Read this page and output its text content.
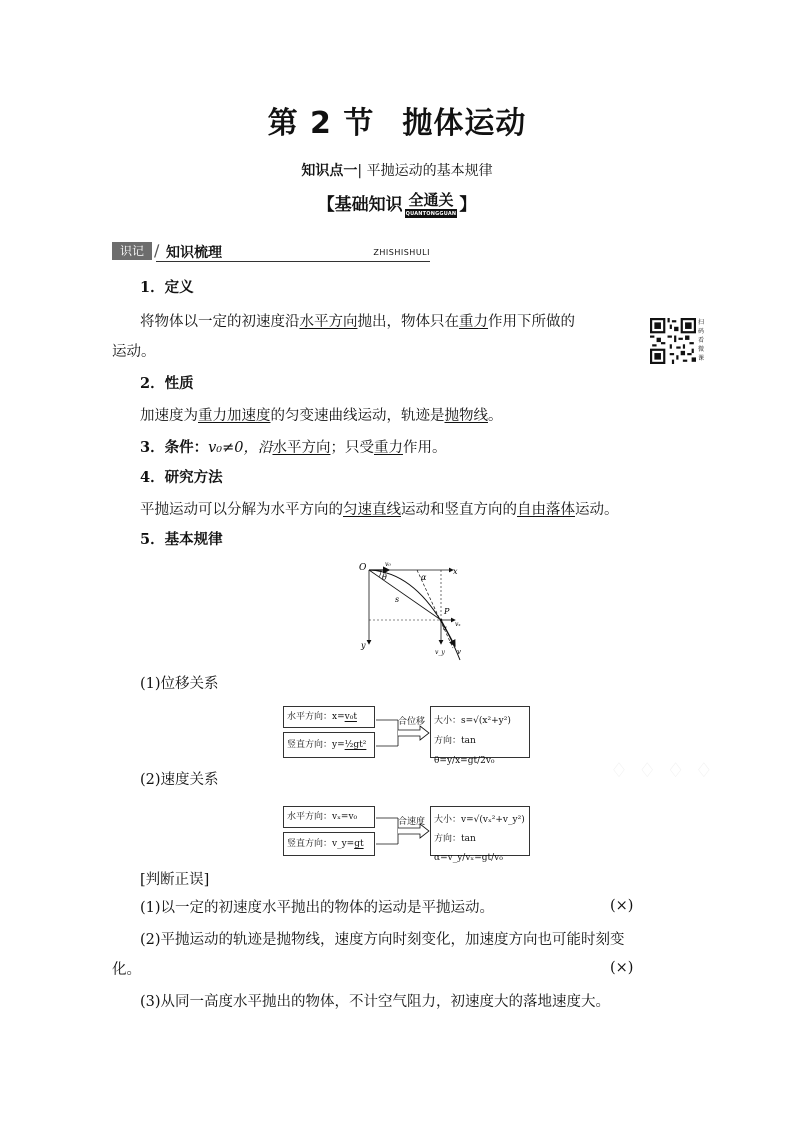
第 2 节 抛体运动
知识点一| 平抛运动的基本规律
【基础知识 全通关
QUANTONGGUAN 】
识记 ∕ 知识梳理	ZHISHISHULI
1．定义
将物体以一定的初速度沿水平方向抛出，物体只在重力作用下所做的
运动。
扫码看微课
2．性质
加速度为重力加速度的匀变速曲线运动，轨迹是抛物线。
3．条件：v₀≠0，沿水平方向；只受重力作用。
4．研究方法
平抛运动可以分解为水平方向的匀速直线运动和竖直方向的自由落体运动。
5．基本规律
O	x
y
v₀
θ	α
s
P
α
vₓ
v_y v
(1)位移关系
水平方向：x=v₀t
竖直方向：y=½gt²
合位移 大小：s=√(x²+y²)
方向：tan θ=y/x=gt/2v₀
(2)速度关系
水平方向：vₓ=v₀
竖直方向：v_y=gt
合速度 大小：v=√(vₓ²+v_y²)
方向：tan α=v_y/vₓ=gt/v₀
♢ ♢ ♢ ♢
[判断正误]
(1)以一定的初速度水平抛出的物体的运动是平抛运动。	(×)
(2)平抛运动的轨迹是抛物线，速度方向时刻变化，加速度方向也可能时刻变
化。	(×)
(3)从同一高度水平抛出的物体，不计空气阻力，初速度大的落地速度大。
